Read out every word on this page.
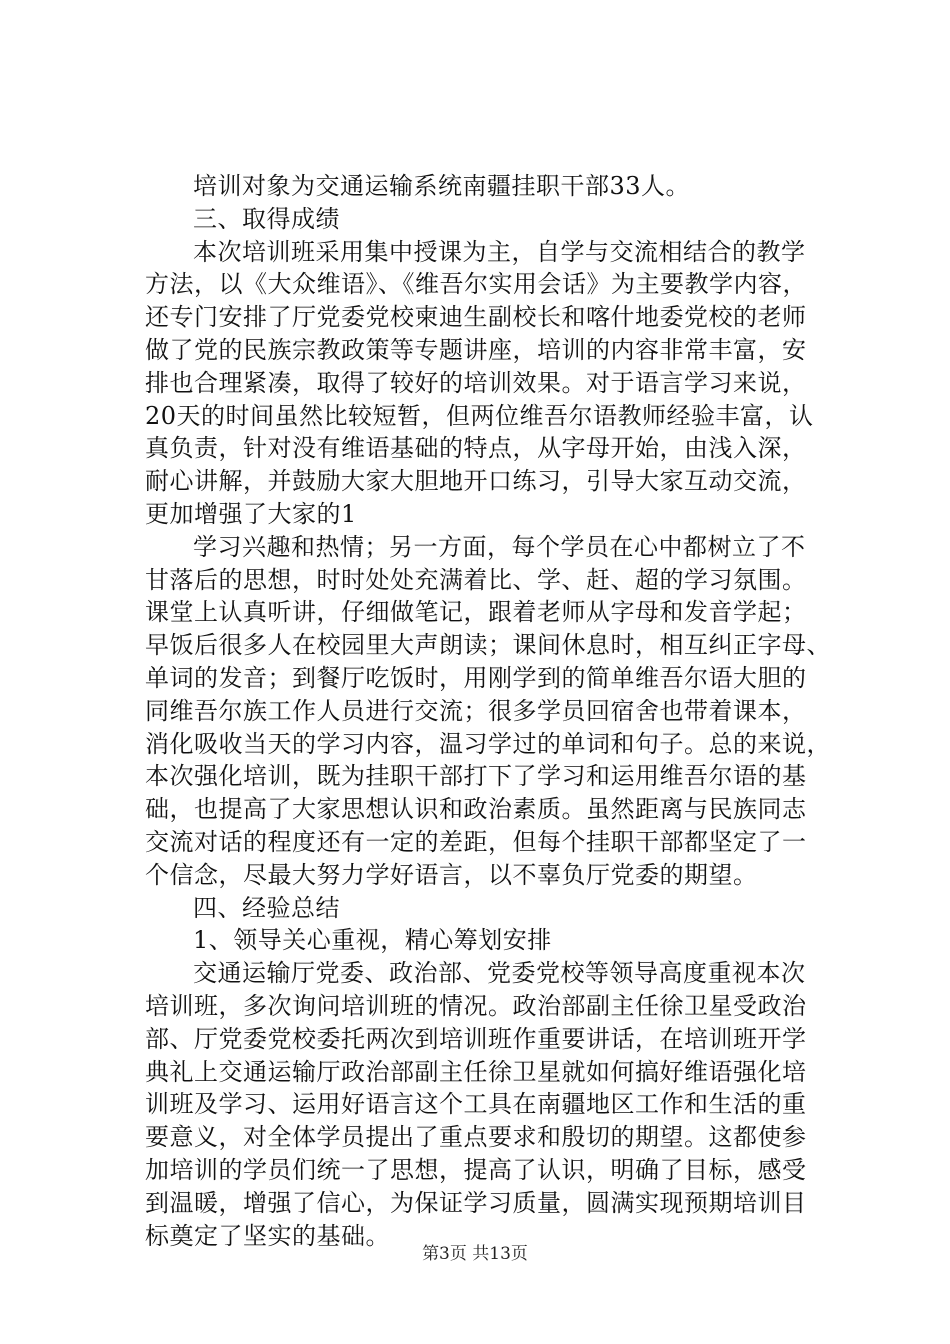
培训对象为交通运输系统南疆挂职干部33人。
三、取得成绩
本次培训班采用集中授课为主，自学与交流相结合的教学
方法，以《大众维语》、《维吾尔实用会话》为主要教学内容，
还专门安排了厅党委党校柬迪生副校长和喀什地委党校的老师
做了党的民族宗教政策等专题讲座，培训的内容非常丰富，安
排也合理紧凑，取得了较好的培训效果。对于语言学习来说，
20天的时间虽然比较短暂，但两位维吾尔语教师经验丰富，认
真负责，针对没有维语基础的特点，从字母开始，由浅入深，
耐心讲解，并鼓励大家大胆地开口练习，引导大家互动交流，
更加增强了大家的1
学习兴趣和热情；另一方面，每个学员在心中都树立了不
甘落后的思想，时时处处充满着比、学、赶、超的学习氛围。
课堂上认真听讲，仔细做笔记，跟着老师从字母和发音学起；
早饭后很多人在校园里大声朗读；课间休息时，相互纠正字母、
单词的发音；到餐厅吃饭时，用刚学到的简单维吾尔语大胆的
同维吾尔族工作人员进行交流；很多学员回宿舍也带着课本，
消化吸收当天的学习内容，温习学过的单词和句子。总的来说，
本次强化培训，既为挂职干部打下了学习和运用维吾尔语的基
础，也提高了大家思想认识和政治素质。虽然距离与民族同志
交流对话的程度还有一定的差距，但每个挂职干部都坚定了一
个信念，尽最大努力学好语言，以不辜负厅党委的期望。
四、经验总结
1、领导关心重视，精心筹划安排
交通运输厅党委、政治部、党委党校等领导高度重视本次
培训班，多次询问培训班的情况。政治部副主任徐卫星受政治
部、厅党委党校委托两次到培训班作重要讲话，在培训班开学
典礼上交通运输厅政治部副主任徐卫星就如何搞好维语强化培
训班及学习、运用好语言这个工具在南疆地区工作和生活的重
要意义，对全体学员提出了重点要求和殷切的期望。这都使参
加培训的学员们统一了思想，提高了认识，明确了目标，感受
到温暖，增强了信心，为保证学习质量，圆满实现预期培训目
标奠定了坚实的基础。
第3页 共13页
